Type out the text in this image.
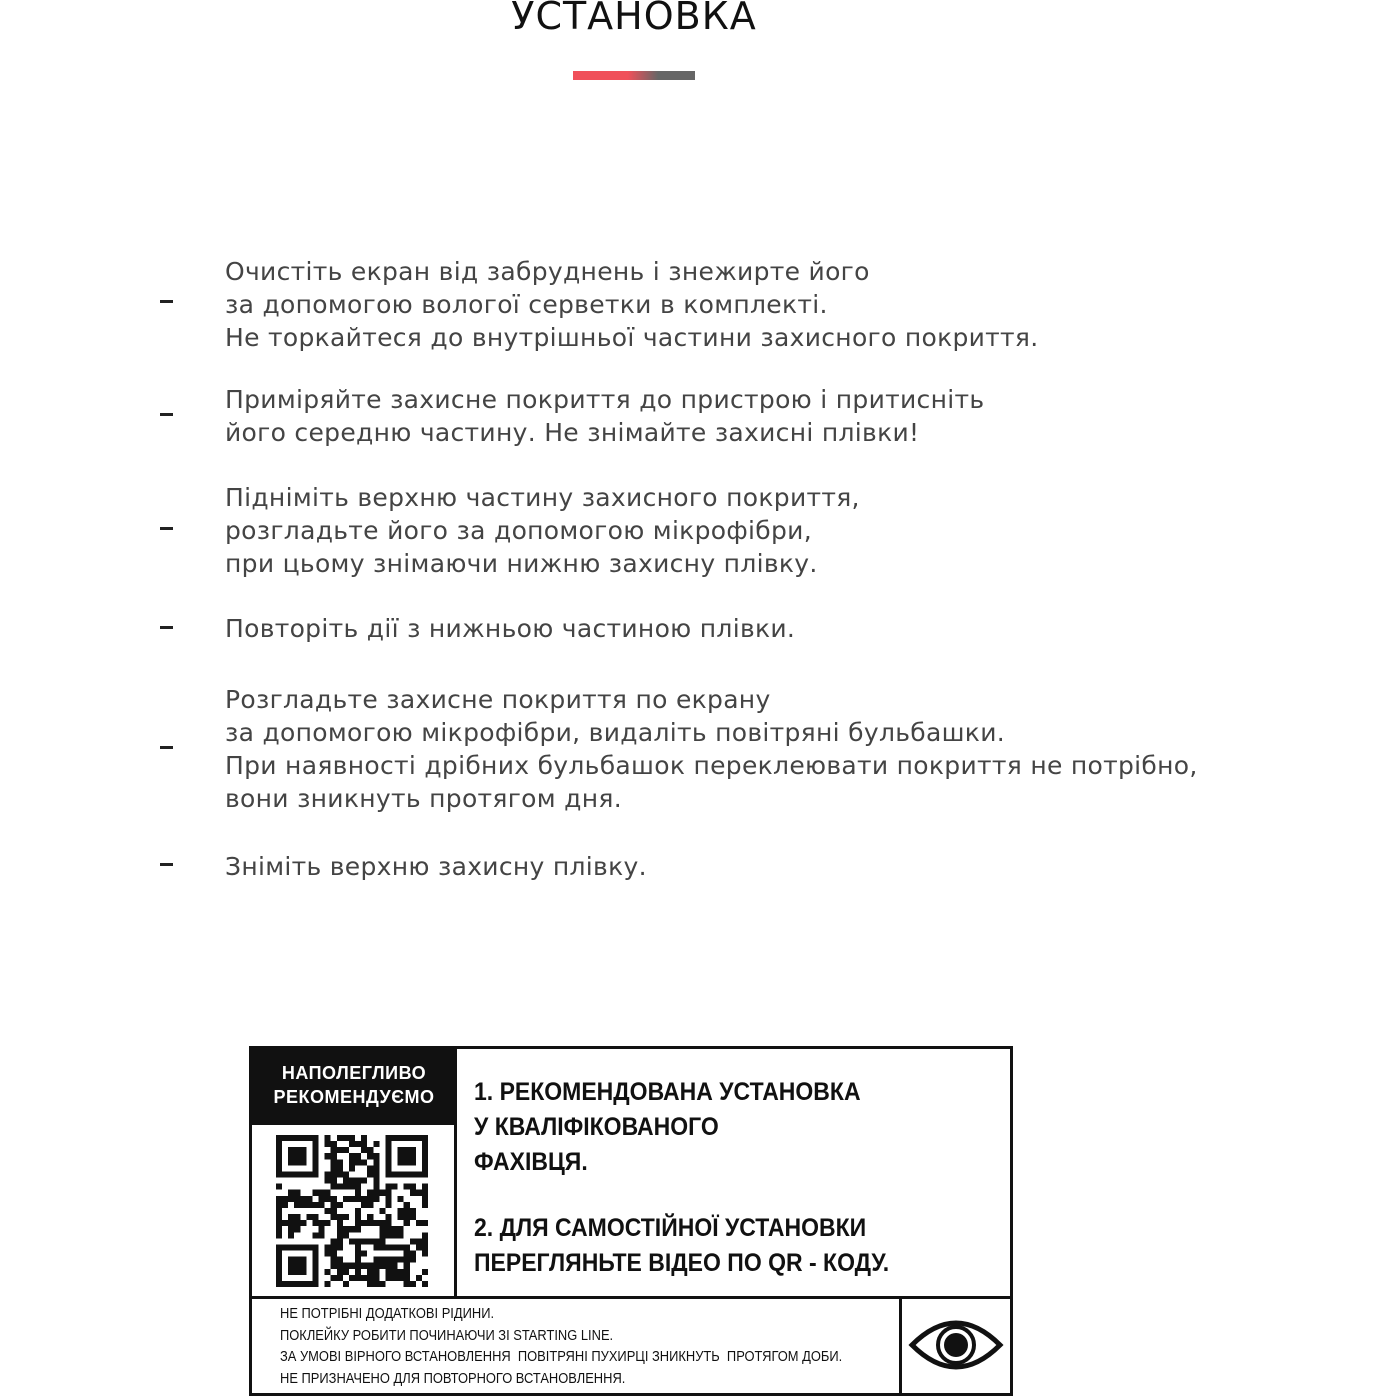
УСТАНОВКА
Очистіть екран від забруднень і знежирте його
за допомогою вологої серветки в комплекті.
Не торкайтеся до внутрішньої частини захисного покриття.
Приміряйте захисне покриття до пристрою і притисніть
його середню частину. Не знімайте захисні плівки!
Підніміть верхню частину захисного покриття,
розгладьте його за допомогою мікрофібри,
при цьому знімаючи нижню захисну плівку.
Повторіть дії з нижньою частиною плівки.
Розгладьте захисне покриття по екрану
за допомогою мікрофібри, видаліть повітряні бульбашки.
При наявності дрібних бульбашок переклеювати покриття не потрібно,
вони зникнуть протягом дня.
Зніміть верхню захисну плівку.
НАПОЛЕГЛИВО
РЕКОМЕНДУЄМО	1. РЕКОМЕНДОВАНА УСТАНОВКА
У КВАЛІФІКОВАНОГО
ФАХІВЦЯ.
2. ДЛЯ САМОСТІЙНОЇ УСТАНОВКИ
ПЕРЕГЛЯНЬТЕ ВІДЕО ПО QR - КОДУ.
НЕ ПОТРІБНІ ДОДАТКОВІ РІДИНИ.
ПОКЛЕЙКУ РОБИТИ ПОЧИНАЮЧИ ЗІ STARTING LINE.
ЗА УМОВІ ВІРНОГО ВСТАНОВЛЕННЯ  ПОВІТРЯНІ ПУХИРЦІ ЗНИКНУТЬ  ПРОТЯГОМ ДОБИ.
НЕ ПРИЗНАЧЕНО ДЛЯ ПОВТОРНОГО ВСТАНОВЛЕННЯ.
